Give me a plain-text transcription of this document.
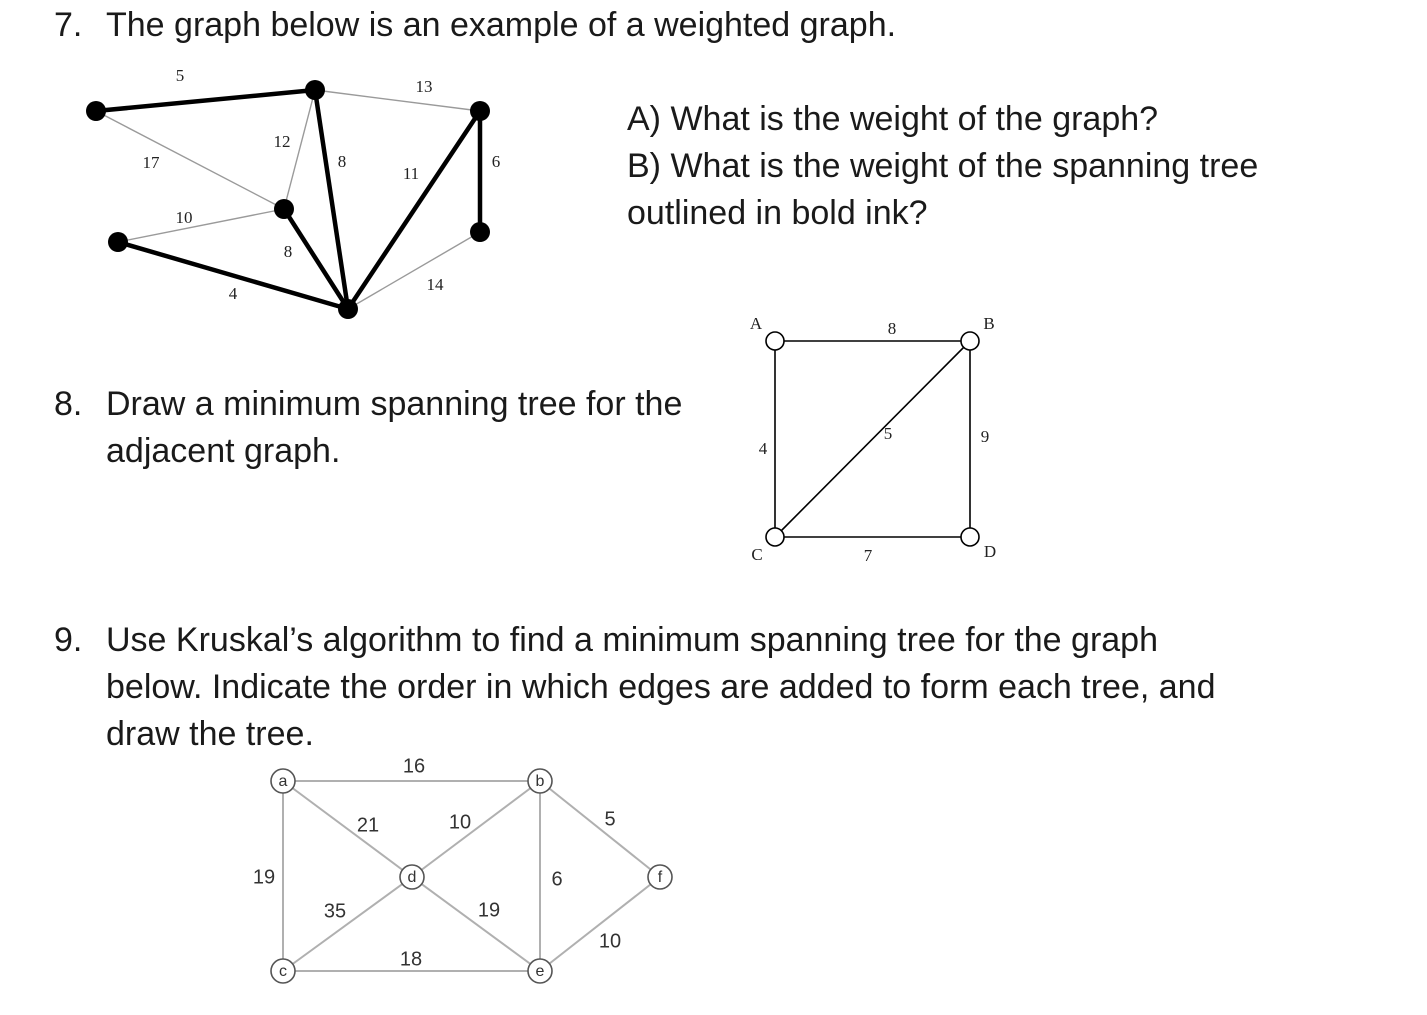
7. The graph below is an example of a weighted graph.
5
13
17
12
8
11
6
10
8
4	14
A) What is the weight of the graph?
B) What is the weight of the spanning tree
outlined in bold ink?
8. Draw a minimum spanning tree for the
adjacent graph.
8
4
5	9
7
A	B
C	D
9. Use Kruskal’s algorithm to find a minimum spanning tree for the graph
below. Indicate the order in which edges are added to form each tree, and
draw the tree.
16
21
19
10	5
6
35
18
19
10
a	b
c
d
e
f
